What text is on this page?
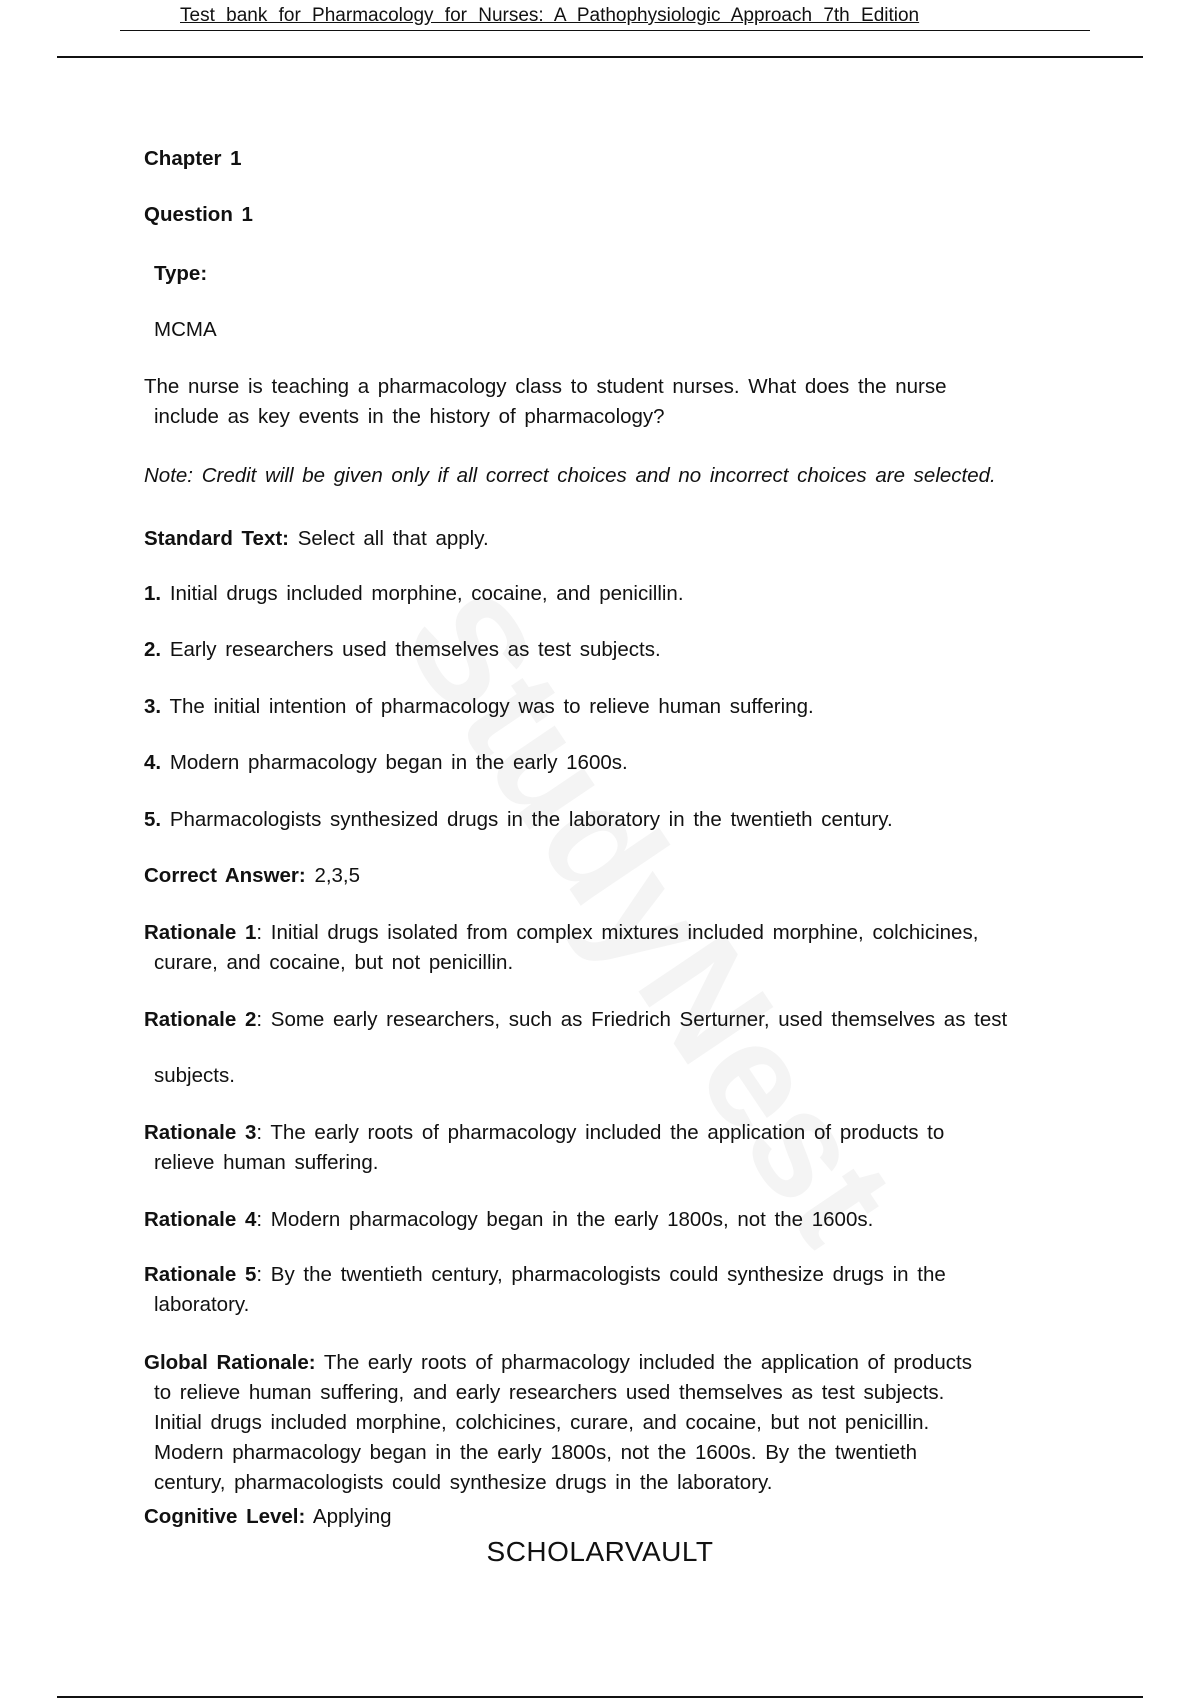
Test bank for Pharmacology for Nurses: A Pathophysiologic Approach 7th Edition
Chapter 1
Question 1
Type:
MCMA
The nurse is teaching a pharmacology class to student nurses. What does the nurse
include as key events in the history of pharmacology?
Note: Credit will be given only if all correct choices and no incorrect choices are selected.
Standard Text: Select all that apply.
1. Initial drugs included morphine, cocaine, and penicillin.
2. Early researchers used themselves as test subjects.
3. The initial intention of pharmacology was to relieve human suffering.
4. Modern pharmacology began in the early 1600s.
5. Pharmacologists synthesized drugs in the laboratory in the twentieth century.
Correct Answer: 2,3,5
Rationale 1: Initial drugs isolated from complex mixtures included morphine, colchicines,
curare, and cocaine, but not penicillin.
Rationale 2: Some early researchers, such as Friedrich Serturner, used themselves as test
subjects.
Rationale 3: The early roots of pharmacology included the application of products to
relieve human suffering.
Rationale 4: Modern pharmacology began in the early 1800s, not the 1600s.
Rationale 5: By the twentieth century, pharmacologists could synthesize drugs in the
laboratory.
Global Rationale: The early roots of pharmacology included the application of products
to relieve human suffering, and early researchers used themselves as test subjects.
Initial drugs included morphine, colchicines, curare, and cocaine, but not penicillin.
Modern pharmacology began in the early 1800s, not the 1600s. By the twentieth
century, pharmacologists could synthesize drugs in the laboratory.
Cognitive Level: Applying
SCHOLARVAULT
